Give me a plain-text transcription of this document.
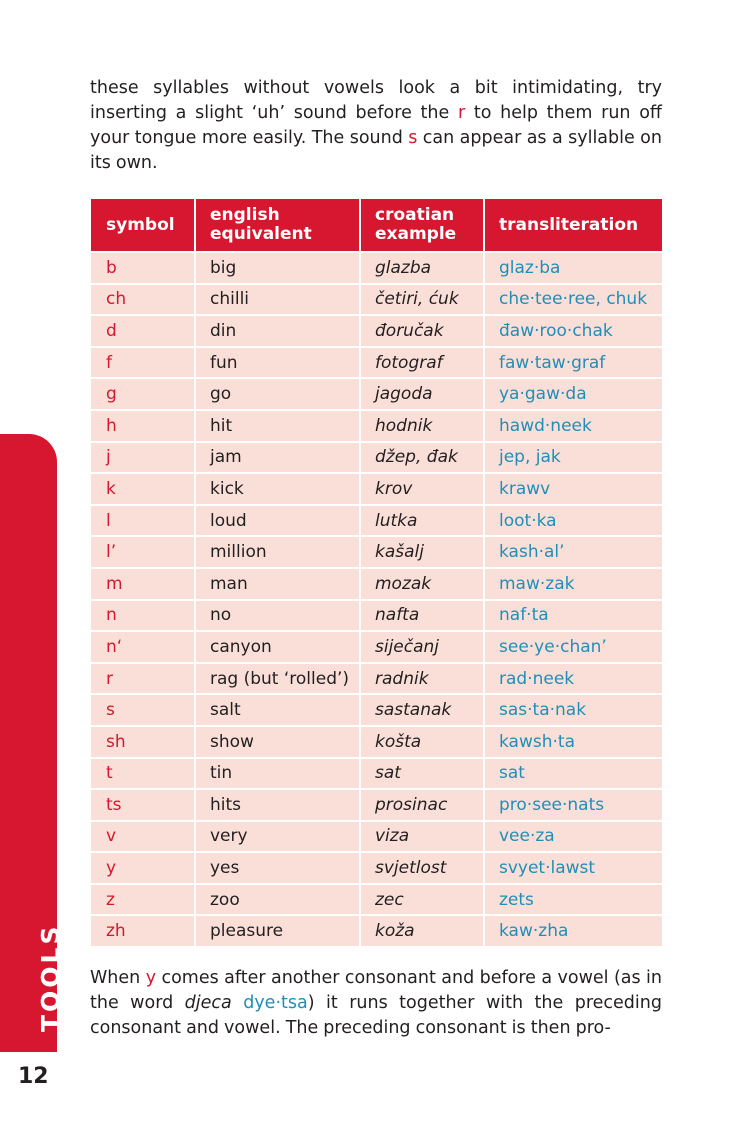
these syllables without vowels look a bit intimidating, try inserting a slight ‘uh’ sound before the r to help them run off your tongue more easily. The sound s can appear as a syllable on its own.
symbol	english equivalent	croatian example	transliteration
b	big	glazba	glaz·ba
ch	chilli	četiri, ćuk	che·tee·ree, chuk
d	din	đoručak	đaw·roo·chak
f	fun	fotograf	faw·taw·graf
g	go	jagoda	ya·gaw·da
h	hit	hodnik	hawd·neek
j	jam	džep, đak	jep, jak
k	kick	krov	krawv
l	loud	lutka	loot·ka
l’	million	kašalj	kash·al’
m	man	mozak	maw·zak
n	no	nafta	naf·ta
n‘	canyon	siječanj	see·ye·chan’
r	rag (but ‘rolled’)	radnik	rad·neek
s	salt	sastanak	sas·ta·nak
sh	show	košta	kawsh·ta
t	tin	sat	sat
ts	hits	prosinac	pro·see·nats
v	very	viza	vee·za
y	yes	svjetlost	svyet·lawst
z	zoo	zec	zets
zh	pleasure	koža	kaw·zha
When y comes after another consonant and before a vowel (as in the word djeca dye·tsa) it runs together with the preceding consonant and vowel. The preceding consonant is then pro-
TOOLS
12
